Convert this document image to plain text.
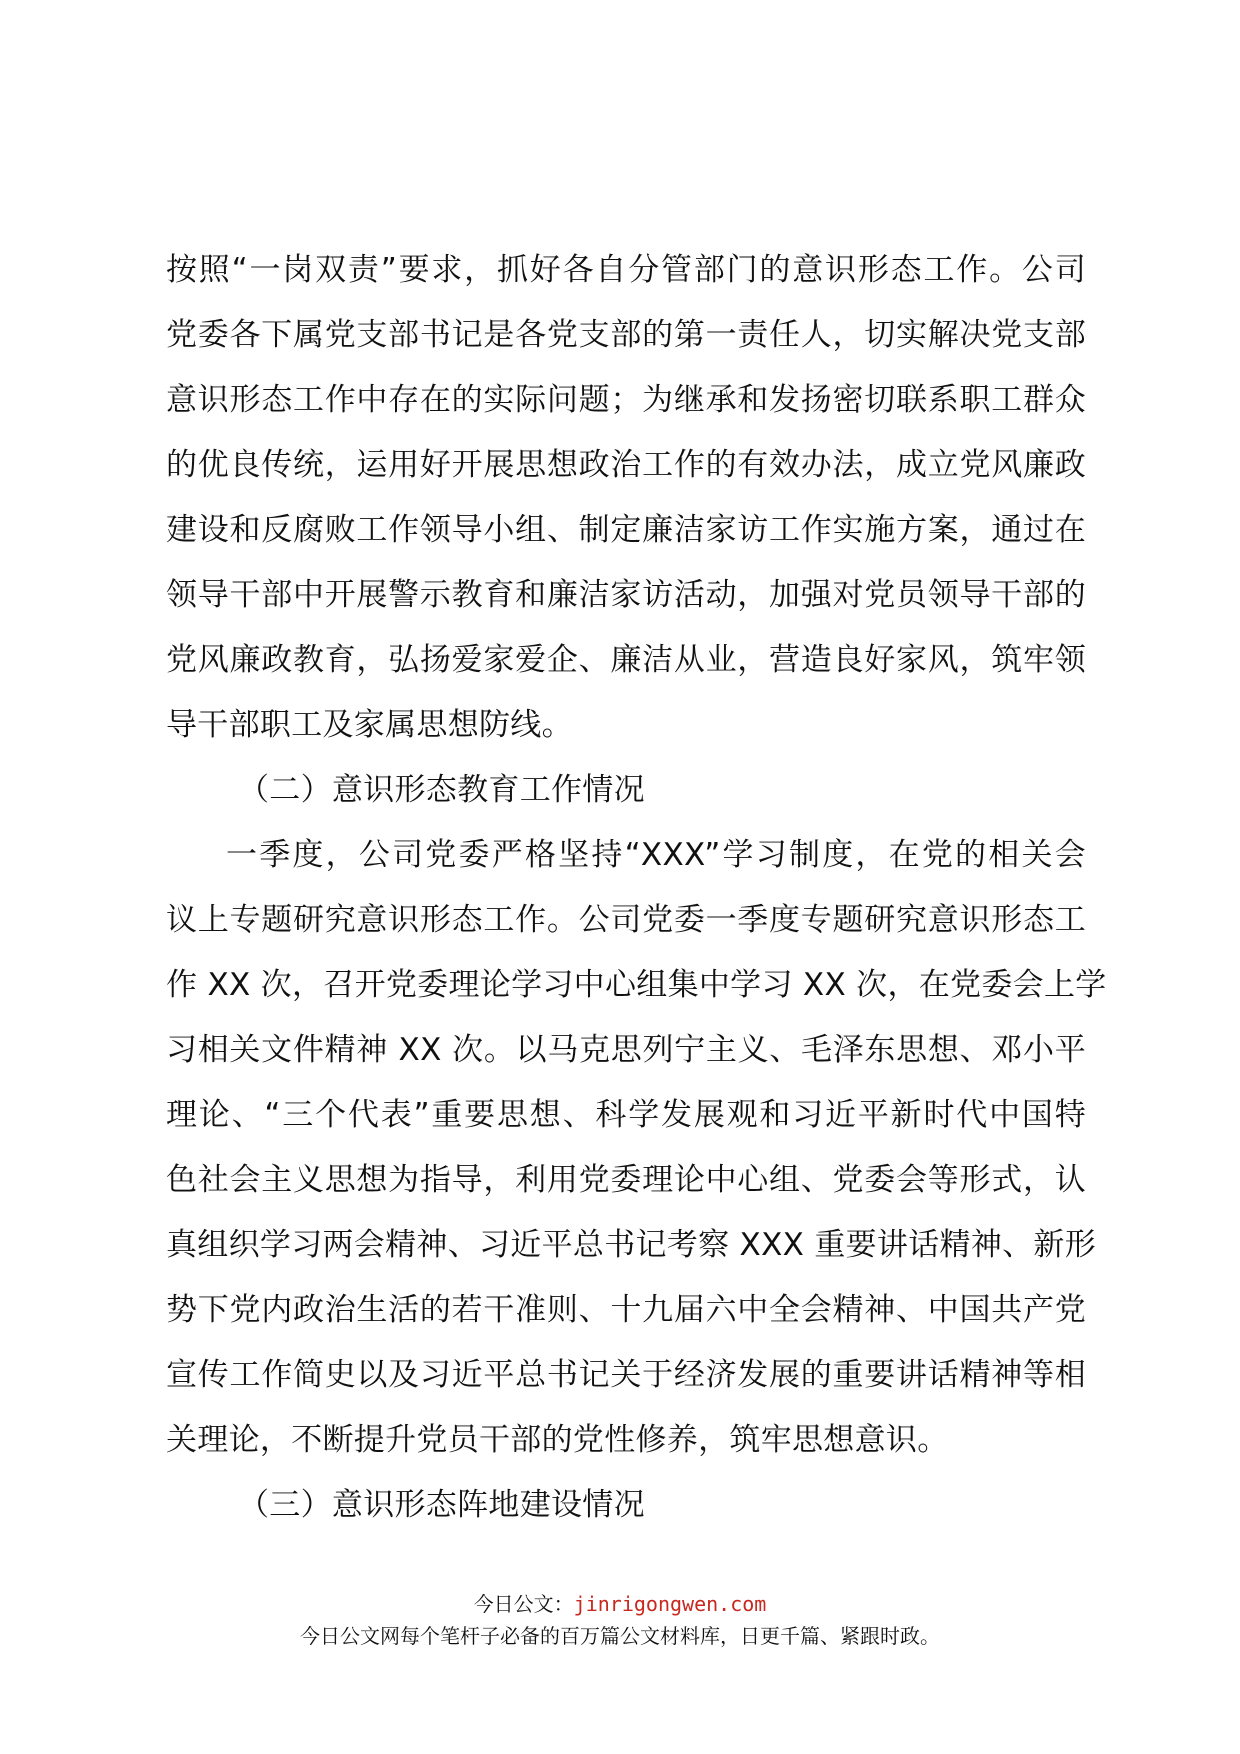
按照“一岗双责”要求，抓好各自分管部门的意识形态工作。公司
党委各下属党支部书记是各党支部的第一责任人，切实解决党支部
意识形态工作中存在的实际问题；为继承和发扬密切联系职工群众
的优良传统，运用好开展思想政治工作的有效办法，成立党风廉政
建设和反腐败工作领导小组、制定廉洁家访工作实施方案，通过在
领导干部中开展警示教育和廉洁家访活动，加强对党员领导干部的
党风廉政教育，弘扬爱家爱企、廉洁从业，营造良好家风，筑牢领
导干部职工及家属思想防线。
（二）意识形态教育工作情况
一季度，公司党委严格坚持“XXX”学习制度，在党的相关会
议上专题研究意识形态工作。公司党委一季度专题研究意识形态工
作 XX 次，召开党委理论学习中心组集中学习 XX 次，在党委会上学
习相关文件精神 XX 次。以马克思列宁主义、毛泽东思想、邓小平
理论、“三个代表”重要思想、科学发展观和习近平新时代中国特
色社会主义思想为指导，利用党委理论中心组、党委会等形式，认
真组织学习两会精神、习近平总书记考察 XXX 重要讲话精神、新形
势下党内政治生活的若干准则、十九届六中全会精神、中国共产党
宣传工作简史以及习近平总书记关于经济发展的重要讲话精神等相
关理论，不断提升党员干部的党性修养，筑牢思想意识。
（三）意识形态阵地建设情况
今日公文：jinrigongwen.com
今日公文网每个笔杆子必备的百万篇公文材料库，日更千篇、紧跟时政。
